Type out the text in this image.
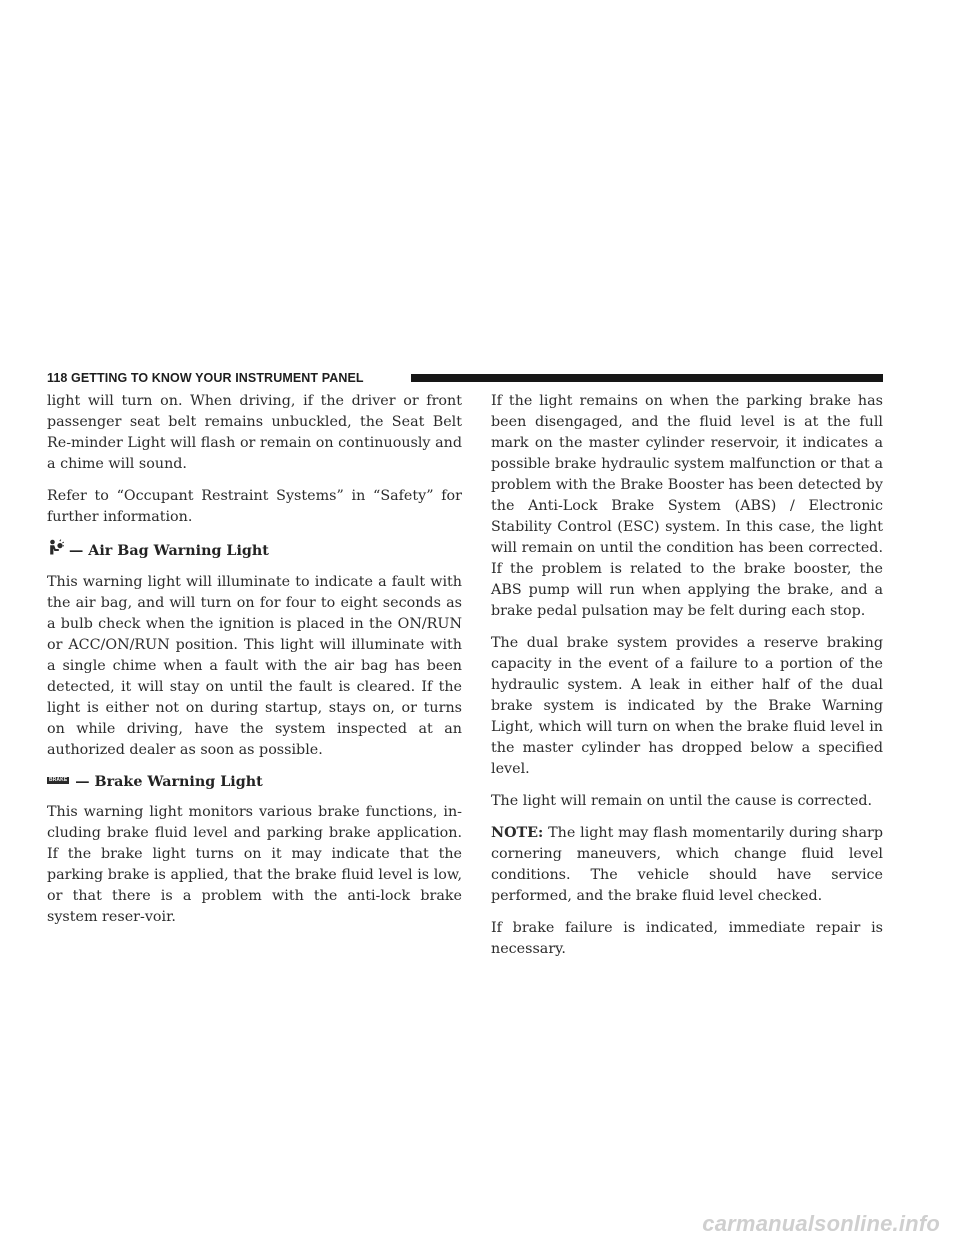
118 GETTING TO KNOW YOUR INSTRUMENT PANEL

light will turn on. When driving, if the driver or front passenger seat belt remains unbuckled, the Seat Belt Re-minder Light will flash or remain on continuously and a chime will sound.

Refer to “Occupant Restraint Systems” in “Safety” for further information.

— Air Bag Warning Light

This warning light will illuminate to indicate a fault with the air bag, and will turn on for four to eight seconds as a bulb check when the ignition is placed in the ON/RUN or ACC/ON/RUN position. This light will illuminate with a single chime when a fault with the air bag has been detected, it will stay on until the fault is cleared. If the light is either not on during startup, stays on, or turns on while driving, have the system inspected at an authorized dealer as soon as possible.

BRAKE — Brake Warning Light

This warning light monitors various brake functions, in-cluding brake fluid level and parking brake application. If the brake light turns on it may indicate that the parking brake is applied, that the brake fluid level is low, or that there is a problem with the anti-lock brake system reser-voir.

If the light remains on when the parking brake has been disengaged, and the fluid level is at the full mark on the master cylinder reservoir, it indicates a possible brake hydraulic system malfunction or that a problem with the Brake Booster has been detected by the Anti-Lock Brake System (ABS) / Electronic Stability Control (ESC) system. In this case, the light will remain on until the condition has been corrected. If the problem is related to the brake booster, the ABS pump will run when applying the brake, and a brake pedal pulsation may be felt during each stop.

The dual brake system provides a reserve braking capacity in the event of a failure to a portion of the hydraulic system. A leak in either half of the dual brake system is indicated by the Brake Warning Light, which will turn on when the brake fluid level in the master cylinder has dropped below a specified level.

The light will remain on until the cause is corrected.

NOTE: The light may flash momentarily during sharp cornering maneuvers, which change fluid level conditions. The vehicle should have service performed, and the brake fluid level checked.

If brake failure is indicated, immediate repair is necessary.

carmanualsonline.info
